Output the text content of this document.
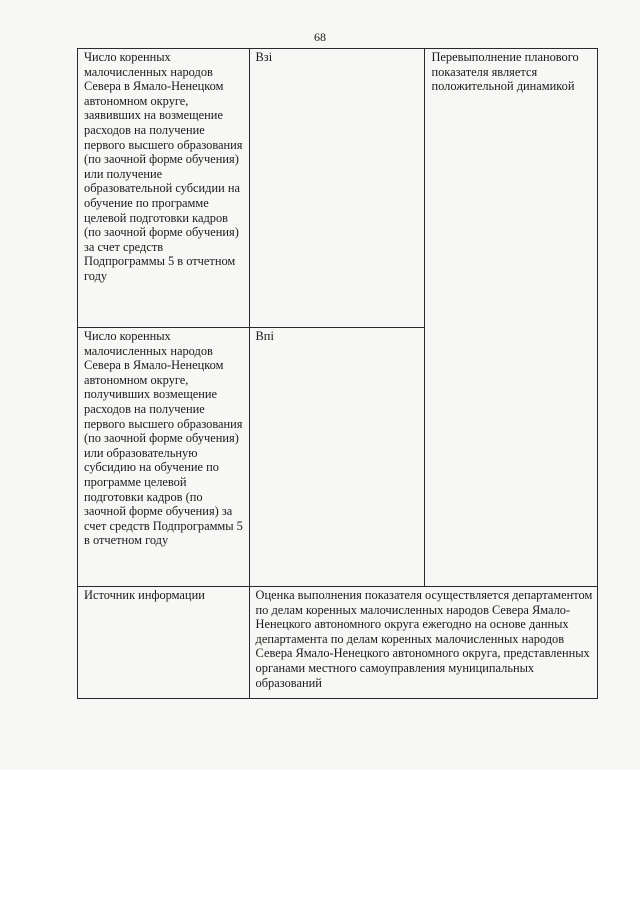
68
Число коренных малочисленных народов Севера в Ямало-Ненецком автономном округе, заявивших на возмещение расходов на получение первого высшего образования (по заочной форме обучения) или получение образовательной субсидии на обучение по программе целевой подготовки кадров (по заочной форме обучения) за счет средств Подпрограммы 5 в отчетном году	Взi	Перевыполнение планового показателя является положительной динамикой
Число коренных малочисленных народов Севера в Ямало-Ненецком автономном округе, получивших возмещение расходов на получение первого высшего образования (по заочной форме обучения) или образовательную субсидию на обучение по программе целевой подготовки кадров (по заочной форме обучения) за счет средств Подпрограммы 5 в отчетном году	Впi	
Источник информации	Оценка выполнения показателя осуществляется департаментом по делам коренных малочисленных народов Севера Ямало-Ненецкого автономного округа ежегодно на основе данных департамента по делам коренных малочисленных народов Севера Ямало-Ненецкого автономного округа, представленных органами местного самоуправления муниципальных образований	
